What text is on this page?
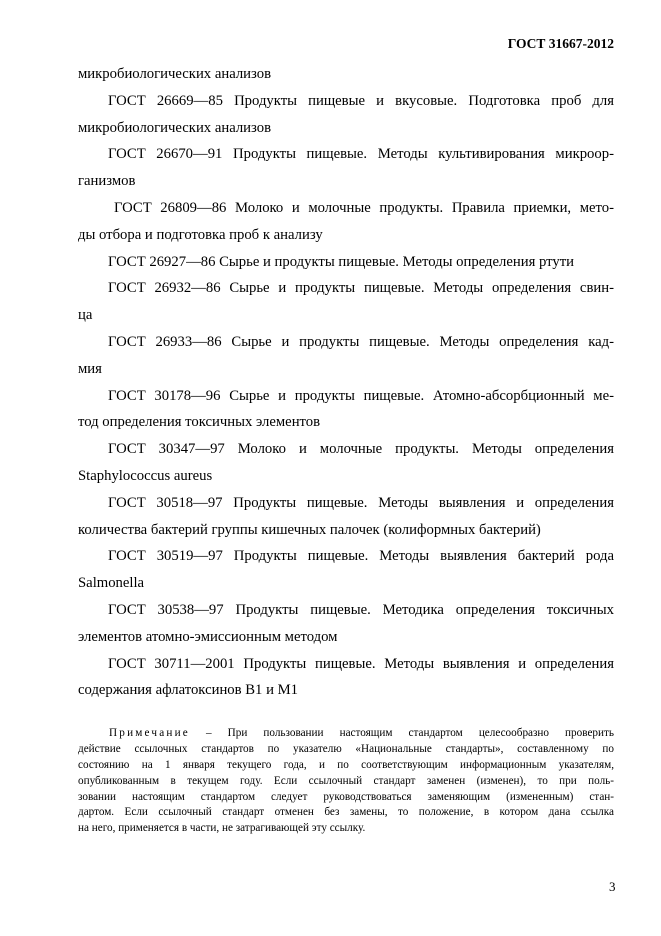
ГОСТ 31667-2012
микробиологических анализов
ГОСТ 26669—85 Продукты пищевые и вкусовые. Подготовка проб для
микробиологических анализов
ГОСТ 26670—91 Продукты пищевые. Методы культивирования микроор-
ганизмов
ГОСТ 26809—86 Молоко и молочные продукты. Правила приемки, мето-
ды отбора и подготовка проб к анализу
ГОСТ 26927—86 Сырье и продукты пищевые. Методы определения ртути
ГОСТ 26932—86 Сырье и продукты пищевые. Методы определения свин-
ца
ГОСТ 26933—86 Сырье и продукты пищевые. Методы определения кад-
мия
ГОСТ 30178—96 Сырье и продукты пищевые. Атомно-абсорбционный ме-
тод определения токсичных элементов
ГОСТ 30347—97 Молоко и молочные продукты. Методы определения
Staphylococcus aureus
ГОСТ 30518—97 Продукты пищевые. Методы выявления и определения
количества бактерий группы кишечных палочек (колиформных бактерий)
ГОСТ 30519—97 Продукты пищевые. Методы выявления бактерий рода
Salmonella
ГОСТ 30538—97 Продукты пищевые. Методика определения токсичных
элементов атомно-эмиссионным методом
ГОСТ 30711—2001 Продукты пищевые. Методы выявления и определения
содержания афлатоксинов В1 и М1
Примечание – При пользовании настоящим стандартом целесообразно проверить
действие ссылочных стандартов по указателю «Национальные стандарты», составленному по
состоянию на 1 января текущего года, и по соответствующим информационным указателям,
опубликованным в текущем году. Если ссылочный стандарт заменен (изменен), то при поль-
зовании настоящим стандартом следует руководствоваться заменяющим (измененным) стан-
дартом. Если ссылочный стандарт отменен без замены, то положение, в котором дана ссылка
на него, применяется в части, не затрагивающей эту ссылку.
3
